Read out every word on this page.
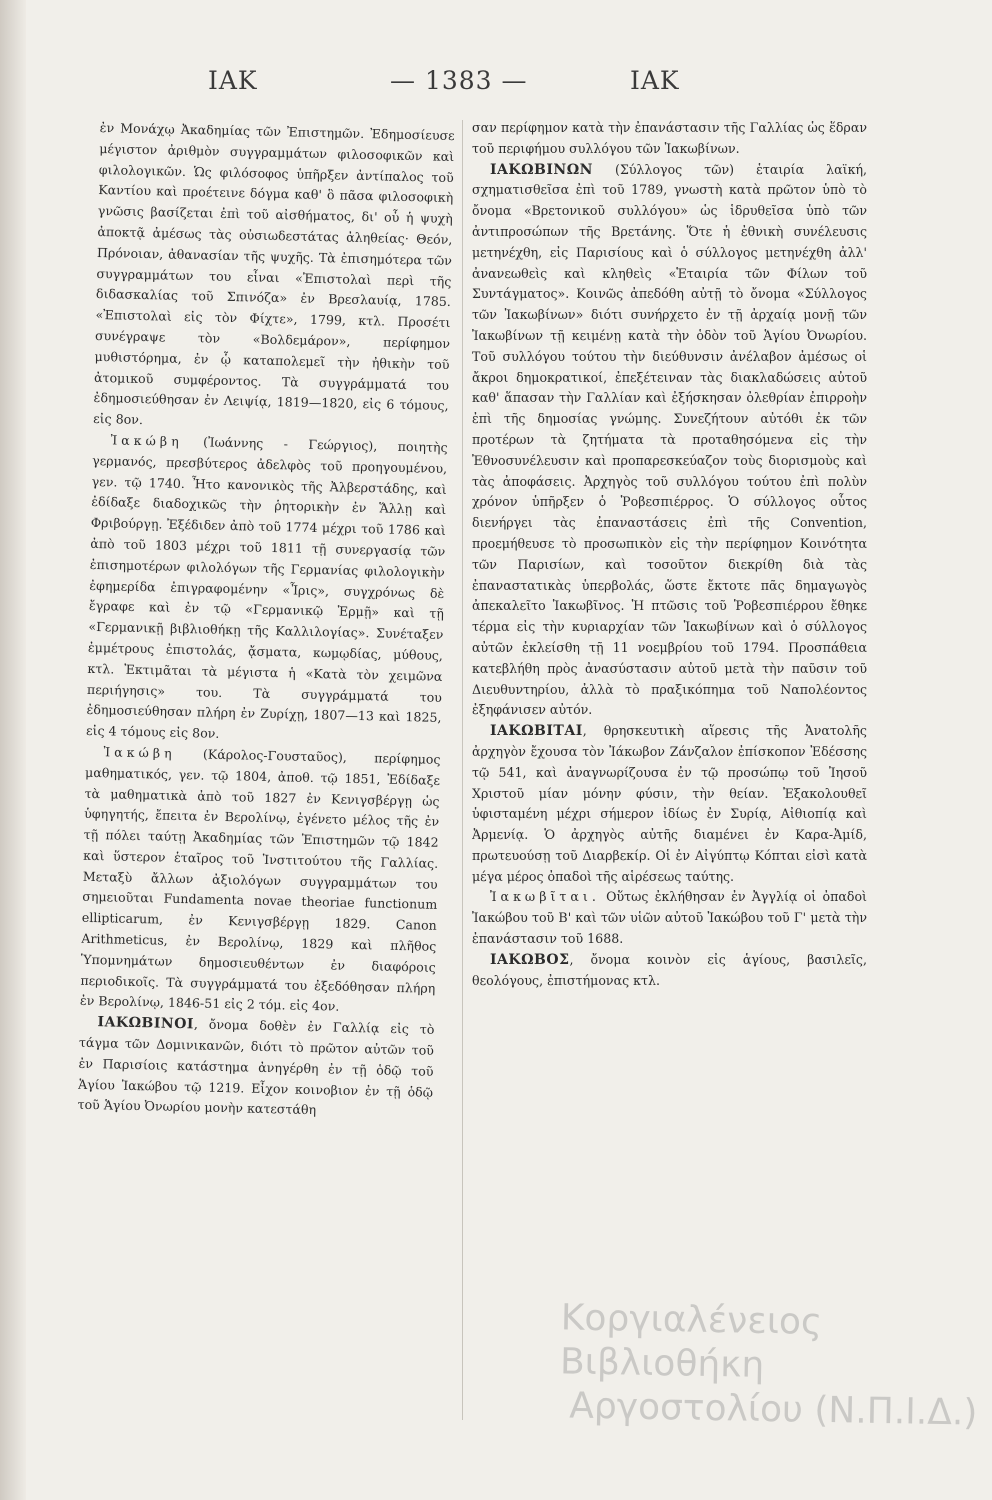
ΙΑΚ	— 1383 —	ΙΑΚ

ἐν Μονάχῳ Ἀκαδημίας τῶν Ἐπιστημῶν. Ἐδημοσίευσε μέγιστον ἀριθμὸν συγγραμμάτων φιλοσοφικῶν καὶ φιλολογικῶν. Ὡς φιλόσοφος ὑπῆρξεν ἀντίπαλος τοῦ Καντίου καὶ προέτεινε δόγμα καθ' ὃ πᾶσα φιλοσοφικὴ γνῶσις βασίζεται ἐπὶ τοῦ αἰσθήματος, δι' οὗ ἡ ψυχὴ ἀποκτᾷ ἀμέσως τὰς οὐσιωδεστάτας ἀληθείας· Θεόν, Πρόνοιαν, ἀθανασίαν τῆς ψυχῆς. Τὰ ἐπισημότερα τῶν συγγραμμάτων του εἶναι «Ἐπιστολαὶ περὶ τῆς διδασκαλίας τοῦ Σπινόζα» ἐν Βρεσλαυίᾳ, 1785. «Ἐπιστολαὶ εἰς τὸν Φίχτε», 1799, κτλ. Προσέτι συνέγραψε τὸν «Βολδεμάρον», περίφημον μυθιστόρημα, ἐν ᾧ καταπολεμεῖ τὴν ἠθικὴν τοῦ ἀτομικοῦ συμφέροντος. Τὰ συγγράμματά του ἐδημοσιεύθησαν ἐν Λειψίᾳ, 1819—1820, εἰς 6 τόμους, εἰς 8ον.

Ἰακώβη (Ἰωάννης - Γεώργιος), ποιητὴς γερμανός, πρεσβύτερος ἀδελφὸς τοῦ προηγουμένου, γεν. τῷ 1740. Ἦτο κανονικὸς τῆς Ἀλβερστάδης, καὶ ἐδίδαξε διαδοχικῶς τὴν ῥητορικὴν ἐν Ἅλλῃ καὶ Φριβούργῃ. Ἐξέδιδεν ἀπὸ τοῦ 1774 μέχρι τοῦ 1786 καὶ ἀπὸ τοῦ 1803 μέχρι τοῦ 1811 τῇ συνεργασίᾳ τῶν ἐπισημοτέρων φιλολόγων τῆς Γερμανίας φιλολογικὴν ἐφημερίδα ἐπιγραφομένην «Ἶρις», συγχρόνως δὲ ἔγραφε καὶ ἐν τῷ «Γερμανικῷ Ἑρμῇ» καὶ τῇ «Γερμανικῇ βιβλιοθήκῃ τῆς Καλλιλογίας». Συνέταξεν ἐμμέτρους ἐπιστολάς, ᾄσματα, κωμῳδίας, μύθους, κτλ. Ἐκτιμᾶται τὰ μέγιστα ἡ «Κατὰ τὸν χειμῶνα περιήγησις» του. Τὰ συγγράμματά του ἐδημοσιεύθησαν πλήρη ἐν Ζυρίχῃ, 1807—13 καὶ 1825, εἰς 4 τόμους εἰς 8ον.

Ἰακώβη (Κάρολος-Γουσταῦος), περίφημος μαθηματικός, γεν. τῷ 1804, ἀποθ. τῷ 1851, Ἐδίδαξε τὰ μαθηματικὰ ἀπὸ τοῦ 1827 ἐν Κενιγσβέργῃ ὡς ὑφηγητής, ἔπειτα ἐν Βερολίνῳ, ἐγένετο μέλος τῆς ἐν τῇ πόλει ταύτῃ Ἀκαδημίας τῶν Ἐπιστημῶν τῷ 1842 καὶ ὕστερον ἑταῖρος τοῦ Ἰνστιτούτου τῆς Γαλλίας. Μεταξὺ ἄλλων ἀξιολόγων συγγραμμάτων του σημειοῦται Fundamenta novae theoriae functionum ellipticarum, ἐν Κενιγσβέργῃ 1829. Canon Arithmeticus, ἐν Βερολίνῳ, 1829 καὶ πλῆθος Ὑπομνημάτων δημοσιευθέντων ἐν διαφόροις περιοδικοῖς. Τὰ συγγράμματά του ἐξεδόθησαν πλήρη ἐν Βερολίνῳ, 1846-51 εἰς 2 τόμ. εἰς 4ον.

ΙΑΚΩΒΙΝΟΙ, ὄνομα δοθὲν ἐν Γαλλίᾳ εἰς τὸ τάγμα τῶν Δομινικανῶν, διότι τὸ πρῶτον αὐτῶν τοῦ ἐν Παρισίοις κατάστημα ἀνηγέρθη ἐν τῇ ὁδῷ τοῦ Ἁγίου Ἰακώβου τῷ 1219. Εἶχον κοινοβιον ἐν τῇ ὁδῷ τοῦ Ἁγίου Ὀνωρίου μονὴν κατεστάθη

σαν περίφημον κατὰ τὴν ἐπανάστασιν τῆς Γαλλίας ὡς ἕδραν τοῦ περιφήμου συλλόγου τῶν Ἰακωβίνων.

ΙΑΚΩΒΙΝΩΝ (Σύλλογος τῶν) ἑταιρία λαϊκή, σχηματισθεῖσα ἐπὶ τοῦ 1789, γνωστὴ κατὰ πρῶτον ὑπὸ τὸ ὄνομα «Βρετονικοῦ συλλόγου» ὡς ἱδρυθεῖσα ὑπὸ τῶν ἀντιπροσώπων τῆς Βρετάνης. Ὅτε ἡ ἐθνικὴ συνέλευσις μετηνέχθη, εἰς Παρισίους καὶ ὁ σύλλογος μετηνέχθη ἀλλ' ἀνανεωθεὶς καὶ κληθεὶς «Ἑταιρία τῶν Φίλων τοῦ Συντάγματος». Κοινῶς ἀπεδόθη αὐτῇ τὸ ὄνομα «Σύλλογος τῶν Ἰακωβίνων» διότι συνήρχετο ἐν τῇ ἀρχαίᾳ μονῇ τῶν Ἰακωβίνων τῇ κειμένῃ κατὰ τὴν ὁδὸν τοῦ Ἁγίου Ὀνωρίου. Τοῦ συλλόγου τούτου τὴν διεύθυνσιν ἀνέλαβον ἀμέσως οἱ ἄκροι δημοκρατικοί, ἐπεξέτειναν τὰς διακλαδώσεις αὐτοῦ καθ' ἅπασαν τὴν Γαλλίαν καὶ ἐξήσκησαν ὀλεθρίαν ἐπιρροὴν ἐπὶ τῆς δημοσίας γνώμης. Συνεζήτουν αὐτόθι ἐκ τῶν προτέρων τὰ ζητήματα τὰ προταθησόμενα εἰς τὴν Ἐθνοσυνέλευσιν καὶ προπαρεσκεύαζον τοὺς διορισμοὺς καὶ τὰς ἀποφάσεις. Ἀρχηγὸς τοῦ συλλόγου τούτου ἐπὶ πολὺν χρόνον ὑπῆρξεν ὁ Ῥοβεσπιέρρος. Ὁ σύλλογος οὗτος διενήργει τὰς ἐπαναστάσεις ἐπὶ τῆς Convention, προεμήθευσε τὸ προσωπικὸν εἰς τὴν περίφημον Κοινότητα τῶν Παρισίων, καὶ τοσοῦτον διεκρίθη διὰ τὰς ἐπαναστατικὰς ὑπερβολάς, ὥστε ἔκτοτε πᾶς δημαγωγὸς ἀπεκαλεῖτο Ἰακωβῖνος. Ἡ πτῶσις τοῦ Ῥοβεσπιέρρου ἔθηκε τέρμα εἰς τὴν κυριαρχίαν τῶν Ἰακωβίνων καὶ ὁ σύλλογος αὐτῶν ἐκλείσθη τῇ 11 νοεμβρίου τοῦ 1794. Προσπάθεια κατεβλήθη πρὸς ἀνασύστασιν αὐτοῦ μετὰ τὴν παῦσιν τοῦ Διευθυντηρίου, ἀλλὰ τὸ πραξικόπημα τοῦ Ναπολέοντος ἐξηφάνισεν αὐτόν.

ΙΑΚΩΒΙΤΑΙ, θρησκευτικὴ αἵρεσις τῆς Ἀνατολῆς ἀρχηγὸν ἔχουσα τὸν Ἰάκωβον Ζάνζαλον ἐπίσκοπον Ἐδέσσης τῷ 541, καὶ ἀναγνωρίζουσα ἐν τῷ προσώπῳ τοῦ Ἰησοῦ Χριστοῦ μίαν μόνην φύσιν, τὴν θείαν. Ἐξακολουθεῖ ὑφισταμένη μέχρι σήμερον ἰδίως ἐν Συρίᾳ, Αἰθιοπίᾳ καὶ Ἀρμενίᾳ. Ὁ ἀρχηγὸς αὐτῆς διαμένει ἐν Καρα-Ἀμίδ, πρωτευούσῃ τοῦ Διαρβεκίρ. Οἱ ἐν Αἰγύπτῳ Κόπται εἰσὶ κατὰ μέγα μέρος ὀπαδοὶ τῆς αἱρέσεως ταύτης.

Ἰακωβῖται. Οὕτως ἐκλήθησαν ἐν Ἀγγλίᾳ οἱ ὀπαδοὶ Ἰακώβου τοῦ Β' καὶ τῶν υἱῶν αὐτοῦ Ἰακώβου τοῦ Γ' μετὰ τὴν ἐπανάστασιν τοῦ 1688.

ΙΑΚΩΒΟΣ, ὄνομα κοινὸν εἰς ἁγίους, βασιλεῖς, θεολόγους, ἐπιστήμονας κτλ.

Κοργιαλένειος Βιβλιοθήκη
Αργοστολίου (Ν.Π.Ι.Δ.)
